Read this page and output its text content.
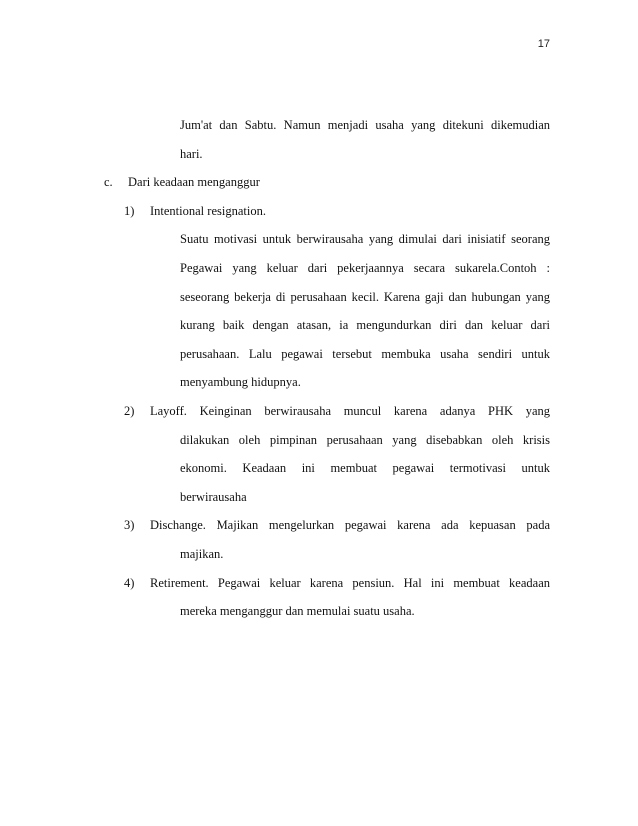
17
Jum'at dan Sabtu. Namun menjadi usaha yang ditekuni dikemudian
hari.
c. Dari keadaan menganggur
1) Intentional resignation.
Suatu motivasi untuk berwirausaha yang dimulai dari inisiatif seorang
Pegawai yang keluar dari pekerjaannya secara sukarela.Contoh :
seseorang bekerja di perusahaan kecil. Karena gaji dan hubungan yang
kurang baik dengan atasan, ia mengundurkan diri dan keluar dari
perusahaan. Lalu pegawai tersebut membuka usaha sendiri untuk
menyambung hidupnya.
2)	Layoff. Keinginan berwirausaha muncul karena adanya PHK yang
dilakukan oleh pimpinan perusahaan yang disebabkan oleh krisis
ekonomi. Keadaan ini membuat pegawai termotivasi untuk
berwirausaha
3)	Dischange. Majikan mengelurkan pegawai karena ada kepuasan pada
majikan.
4)	Retirement. Pegawai keluar karena pensiun. Hal ini membuat keadaan
mereka menganggur dan memulai suatu usaha.
